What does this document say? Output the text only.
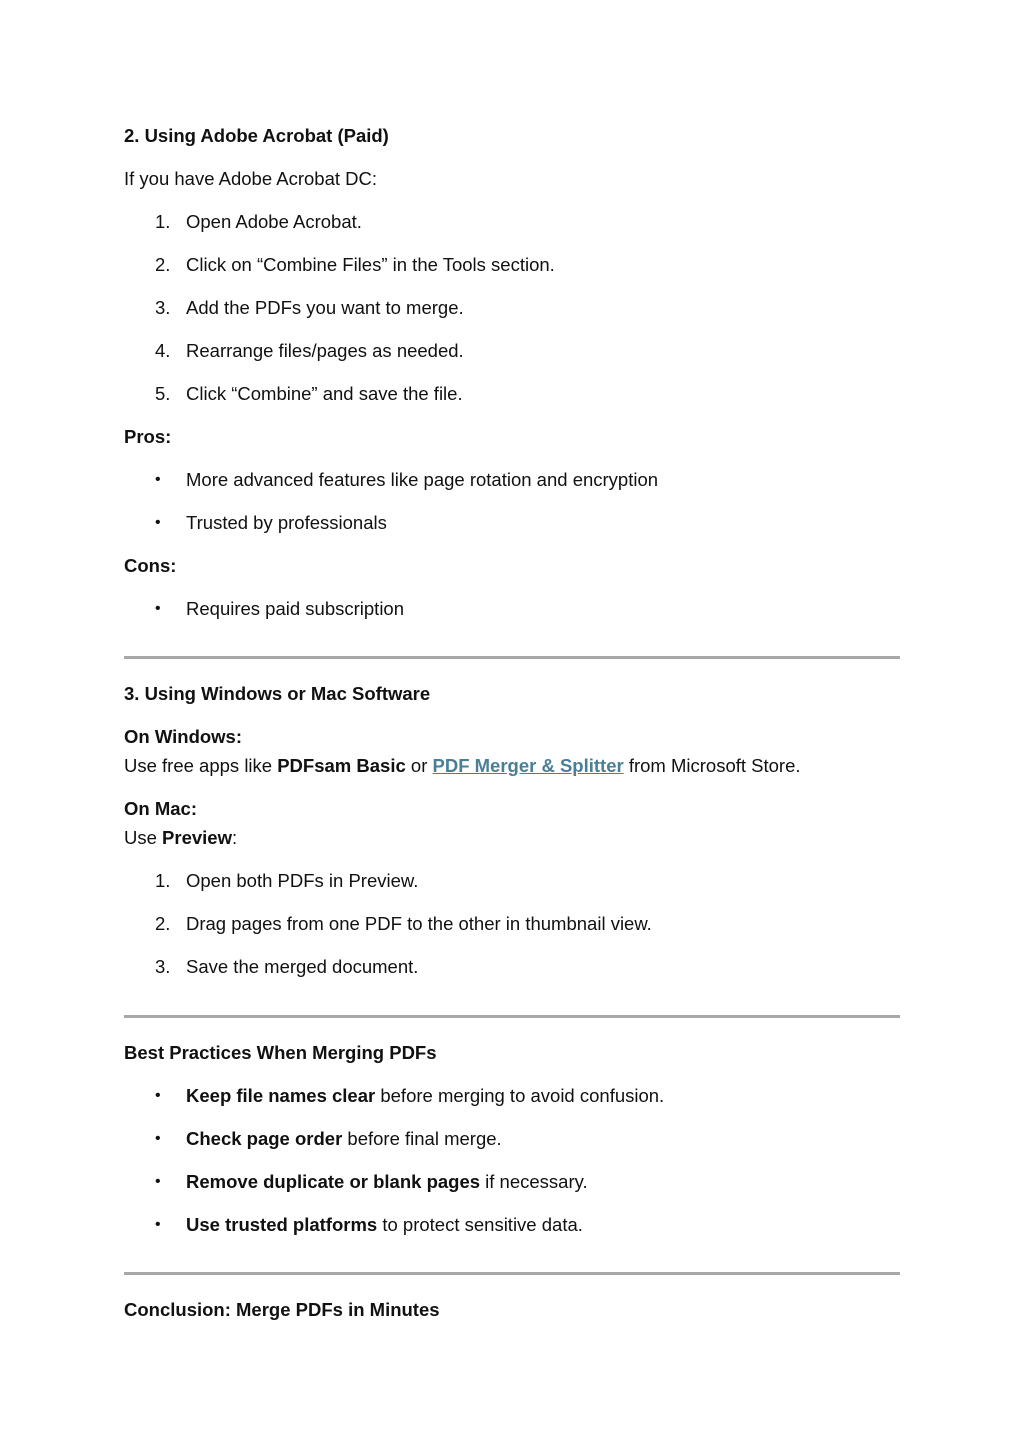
2. Using Adobe Acrobat (Paid)
If you have Adobe Acrobat DC:
1. Open Adobe Acrobat.
2. Click on “Combine Files” in the Tools section.
3. Add the PDFs you want to merge.
4. Rearrange files/pages as needed.
5. Click “Combine” and save the file.
Pros:
• More advanced features like page rotation and encryption
• Trusted by professionals
Cons:
• Requires paid subscription
3. Using Windows or Mac Software
On Windows:
Use free apps like PDFsam Basic or PDF Merger & Splitter from Microsoft Store.
On Mac:
Use Preview:
1. Open both PDFs in Preview.
2. Drag pages from one PDF to the other in thumbnail view.
3. Save the merged document.
Best Practices When Merging PDFs
• Keep file names clear before merging to avoid confusion.
• Check page order before final merge.
• Remove duplicate or blank pages if necessary.
• Use trusted platforms to protect sensitive data.
Conclusion: Merge PDFs in Minutes
